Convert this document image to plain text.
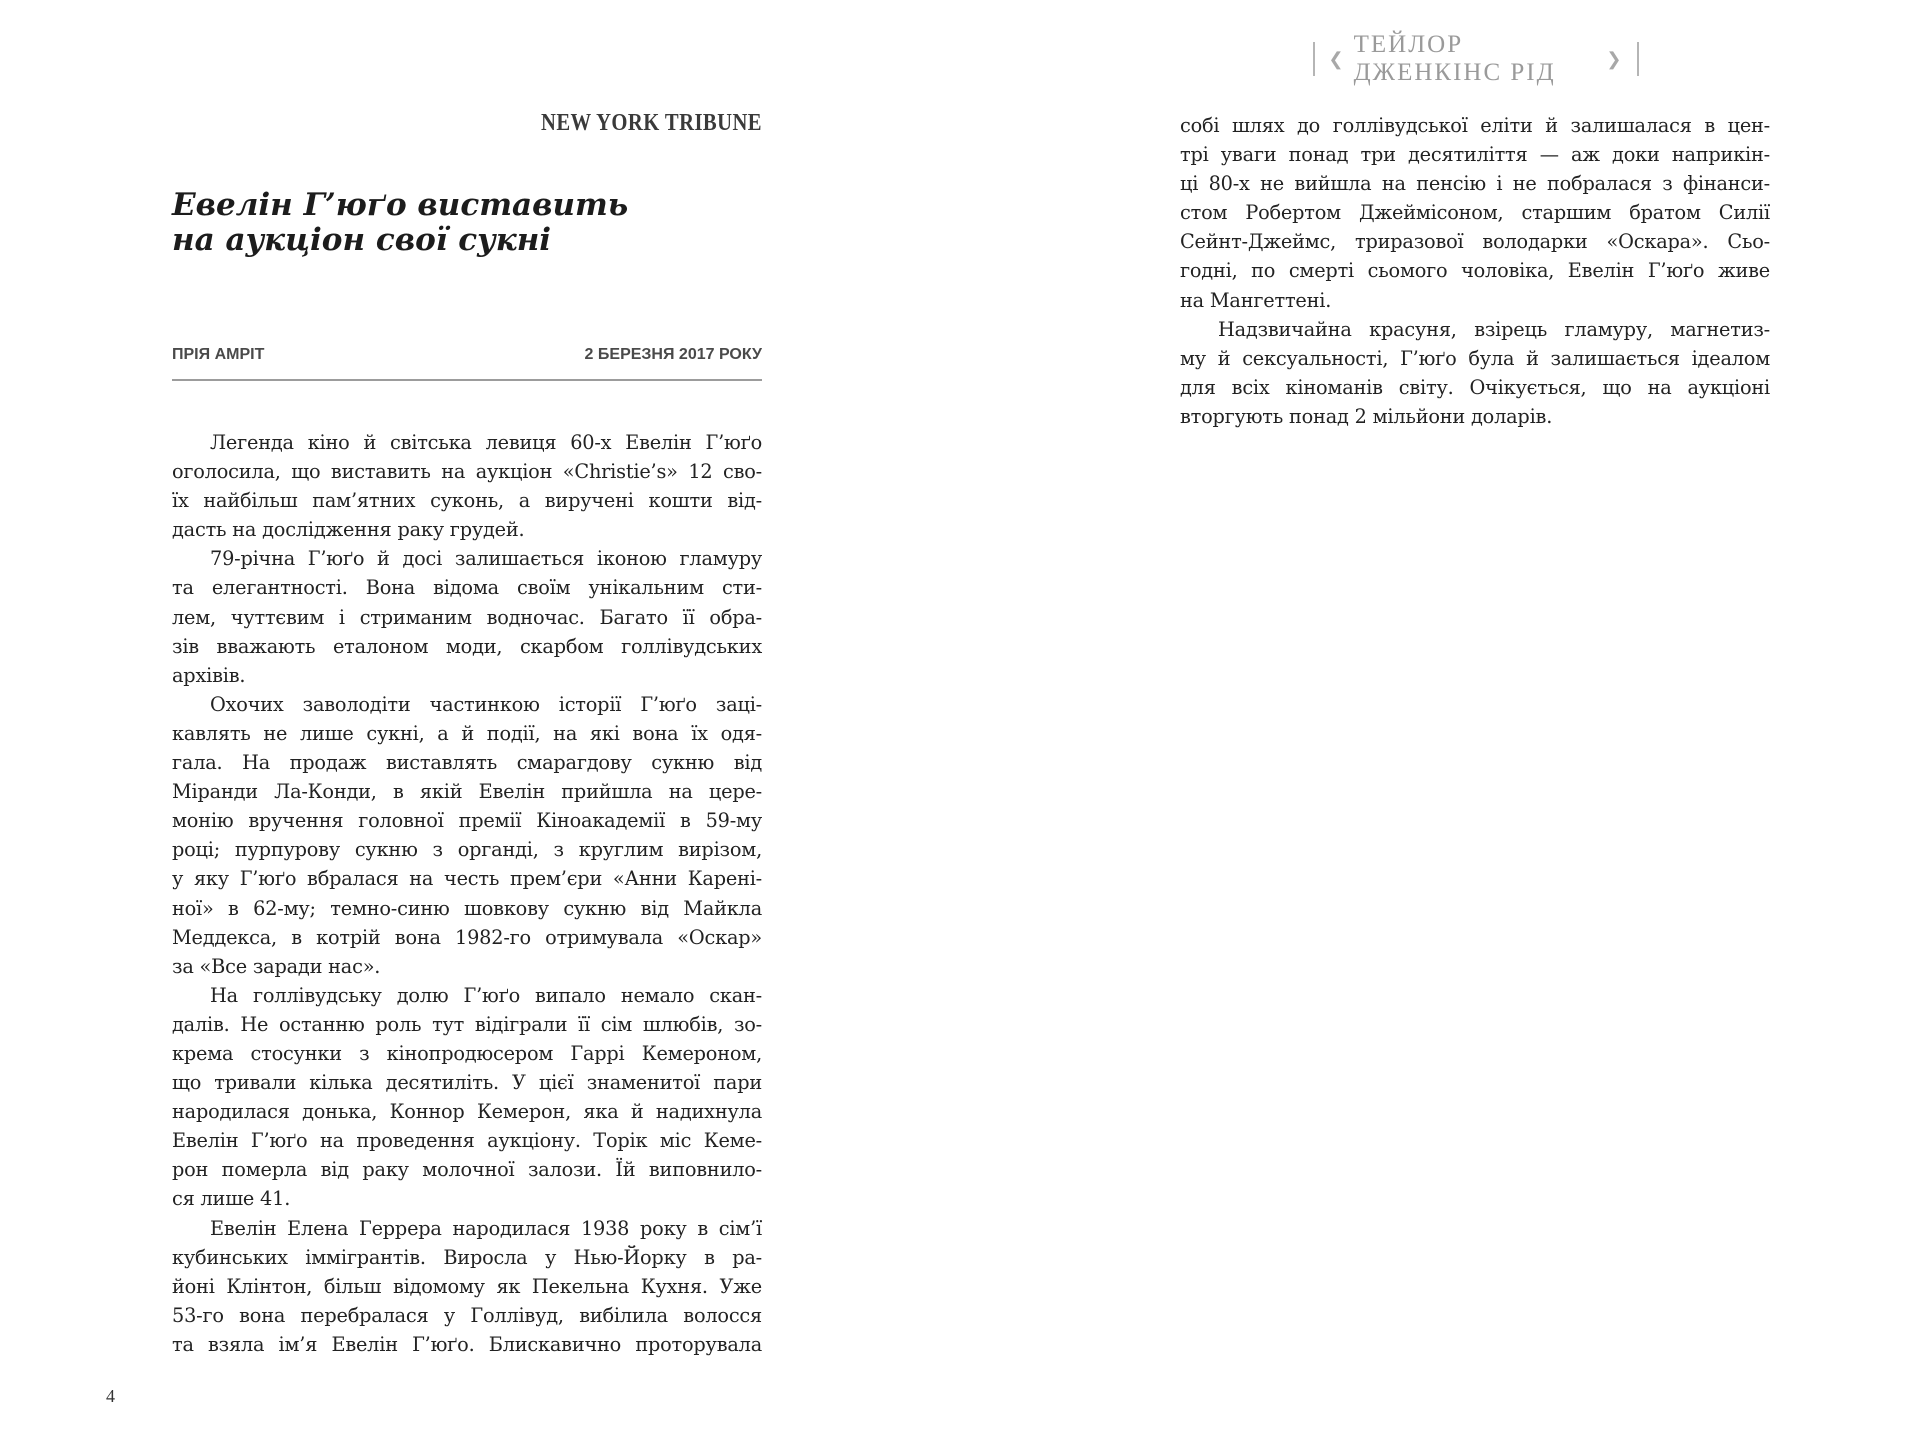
NEW YORK TRIBUNE
Евелін Г’юґо виставить
на аукціон свої сукні
ПРІЯ АМРІТ	2 БЕРЕЗНЯ 2017 РОКУ
Легенда кіно й світська левиця 60-х Евелін Г’юґо
оголосила, що виставить на аукціон «Christie’s» 12 сво-
їх найбільш пам’ятних суконь, а виручені кошти від-
дасть на дослідження раку грудей.
79-річна Г’юґо й досі залишається іконою гламуру
та елегантності. Вона відома своїм унікальним сти-
лем, чуттєвим і стриманим водночас. Багато її обра-
зів вважають еталоном моди, скарбом голлівудських
архівів.
Охочих заволодіти частинкою історії Г’юґо заці-
кавлять не лише сукні, а й події, на які вона їх одя-
гала. На продаж виставлять смарагдову сукню від
Міранди Ла-Конди, в якій Евелін прийшла на цере-
монію вручення головної премії Кіноакадемії в 59-му
році; пурпурову сукню з органді, з круглим вирізом,
у яку Г’юґо вбралася на честь прем’єри «Анни Карені-
ної» в 62-му; темно-синю шовкову сукню від Майкла
Меддекса, в котрій вона 1982-го отримувала «Оскар»
за «Все заради нас».
На голлівудську долю Г’юґо випало немало скан-
далів. Не останню роль тут відіграли її сім шлюбів, зо-
крема стосунки з кінопродюсером Гаррі Кемероном,
що тривали кілька десятиліть. У цієї знаменитої пари
народилася донька, Коннор Кемерон, яка й надихнула
Евелін Г’юґо на проведення аукціону. Торік міс Кеме-
рон померла від раку молочної залози. Їй виповнило-
ся лише 41.
Евелін Елена Геррера народилася 1938 року в сім’ї
кубинських іммігрантів. Виросла у Нью-Йорку в ра-
йоні Клінтон, більш відомому як Пекельна Кухня. Уже
53-го вона перебралася у Голлівуд, вибілила волосся
та взяла ім’я Евелін Г’юґо. Блискавично проторувала
4
❮
ТЕЙЛОР ДЖЕНКІНС РІД
❯
собі шлях до голлівудської еліти й залишалася в цен-
трі уваги понад три десятиліття — аж доки наприкін-
ці 80-х не вийшла на пенсію і не побралася з фінанси-
стом Робертом Джеймісоном, старшим братом Силії
Сейнт-Джеймс, триразової володарки «Оскара». Сьо-
годні, по смерті сьомого чоловіка, Евелін Г’юґо живе
на Мангеттені.
Надзвичайна красуня, взірець гламуру, магнетиз-
му й сексуальності, Г’юґо була й залишається ідеалом
для всіх кіноманів світу. Очікується, що на аукціоні
вторгують понад 2 мільйони доларів.
